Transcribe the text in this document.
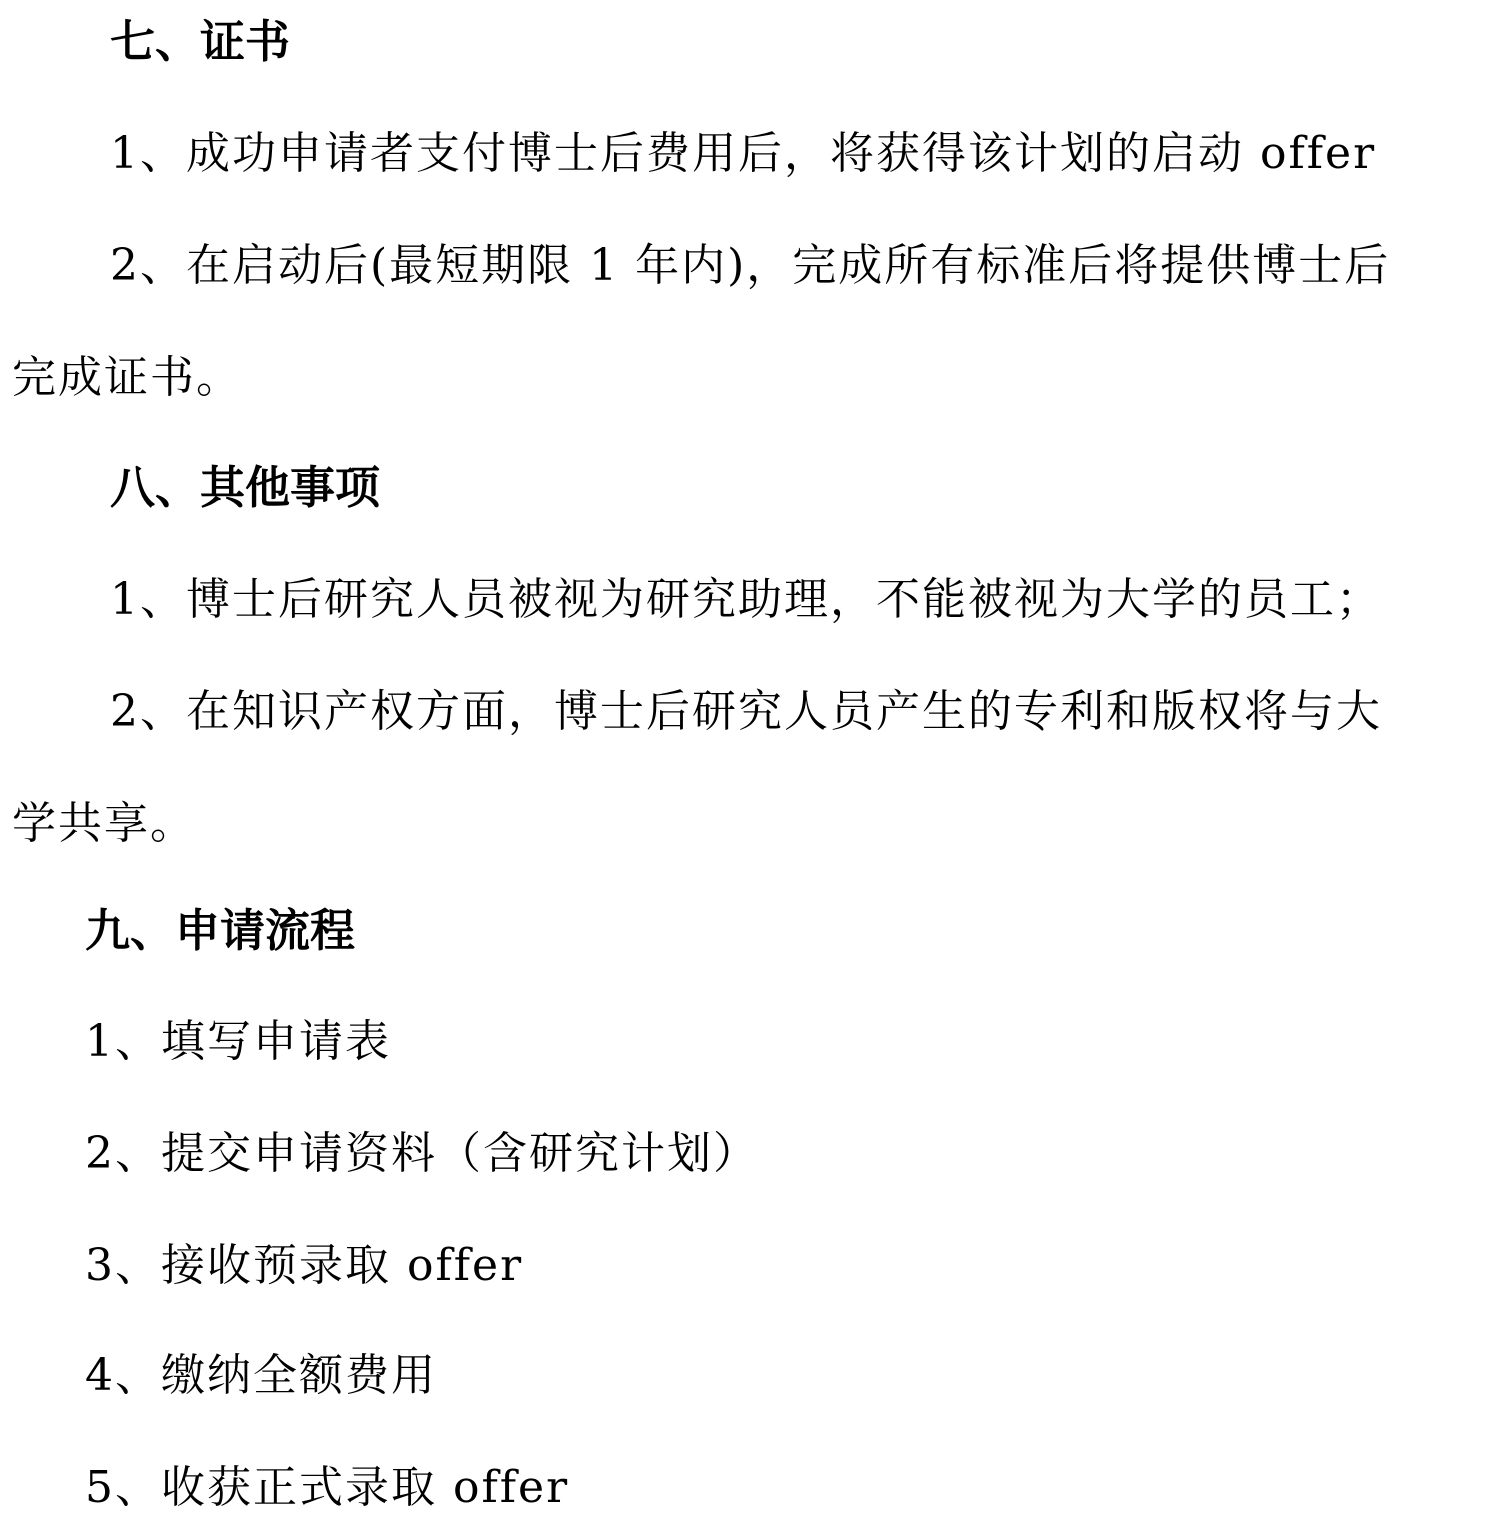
七、证书
1、成功申请者支付博士后费用后，将获得该计划的启动 offer
2、在启动后(最短期限 1 年内)，完成所有标准后将提供博士后
完成证书。
八、其他事项
1、博士后研究人员被视为研究助理，不能被视为大学的员工；
2、在知识产权方面，博士后研究人员产生的专利和版权将与大
学共享。
九、申请流程
1、填写申请表
2、提交申请资料（含研究计划）
3、接收预录取 offer
4、缴纳全额费用
5、收获正式录取 offer
